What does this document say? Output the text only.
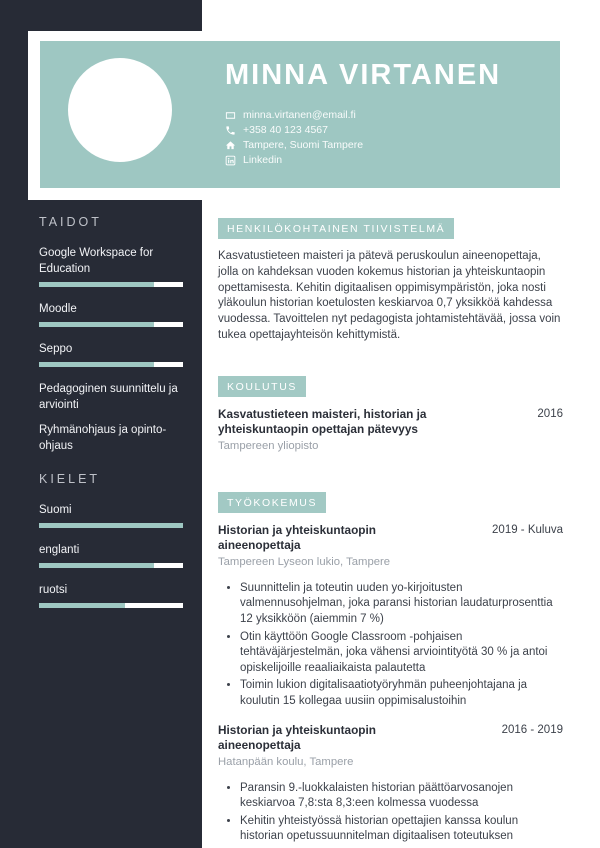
TAIDOT
Google Workspace for Education
Moodle
Seppo
Pedagoginen suunnittelu ja arviointi
Ryhmänohjaus ja opinto-ohjaus
KIELET
Suomi
englanti
ruotsi
MINNA VIRTANEN
minna.virtanen@email.fi
+358 40 123 4567
Tampere, Suomi Tampere
Linkedin
HENKILÖKOHTAINEN TIIVISTELMÄ

Kasvatustieteen maisteri ja pätevä peruskoulun aineenopettaja, jolla on kahdeksan vuoden kokemus historian ja yhteiskuntaopin opettamisesta. Kehitin digitaalisen oppimisympäristön, joka nosti yläkoulun historian koetulosten keskiarvoa 0,7 yksikköä kahdessa vuodessa. Tavoittelen nyt pedagogista johtamistehtävää, jossa voin tukea opettajayhteisön kehittymistä.

KOULUTUS
Kasvatustieteen maisteri, historian ja yhteiskuntaopin opettajan pätevyys
2016
Tampereen yliopisto

TYÖKOKEMUS
Historian ja yhteiskuntaopin aineenopettaja
2019 - Kuluva
Tampereen Lyseon lukio, Tampere
• Suunnittelin ja toteutin uuden yo-kirjoitusten valmennusohjelman, joka paransi historian laudaturprosenttia 12 yksikköön (aiemmin 7 %)
• Otin käyttöön Google Classroom -pohjaisen tehtäväjärjestelmän, joka vähensi arviointityötä 30 % ja antoi opiskelijoille reaaliaikaista palautetta
• Toimin lukion digitalisaatiotyöryhmän puheenjohtajana ja koulutin 15 kollegaa uusiin oppimisalustoihin
Historian ja yhteiskuntaopin aineenopettaja
2016 - 2019
Hatanpään koulu, Tampere
• Paransin 9.-luokkalaisten historian päättöarvosanojen keskiarvoa 7,8:sta 8,3:een kolmessa vuodessa
• Kehitin yhteistyössä historian opettajien kanssa koulun historian opetussuunnitelman digitaalisen toteutuksen
